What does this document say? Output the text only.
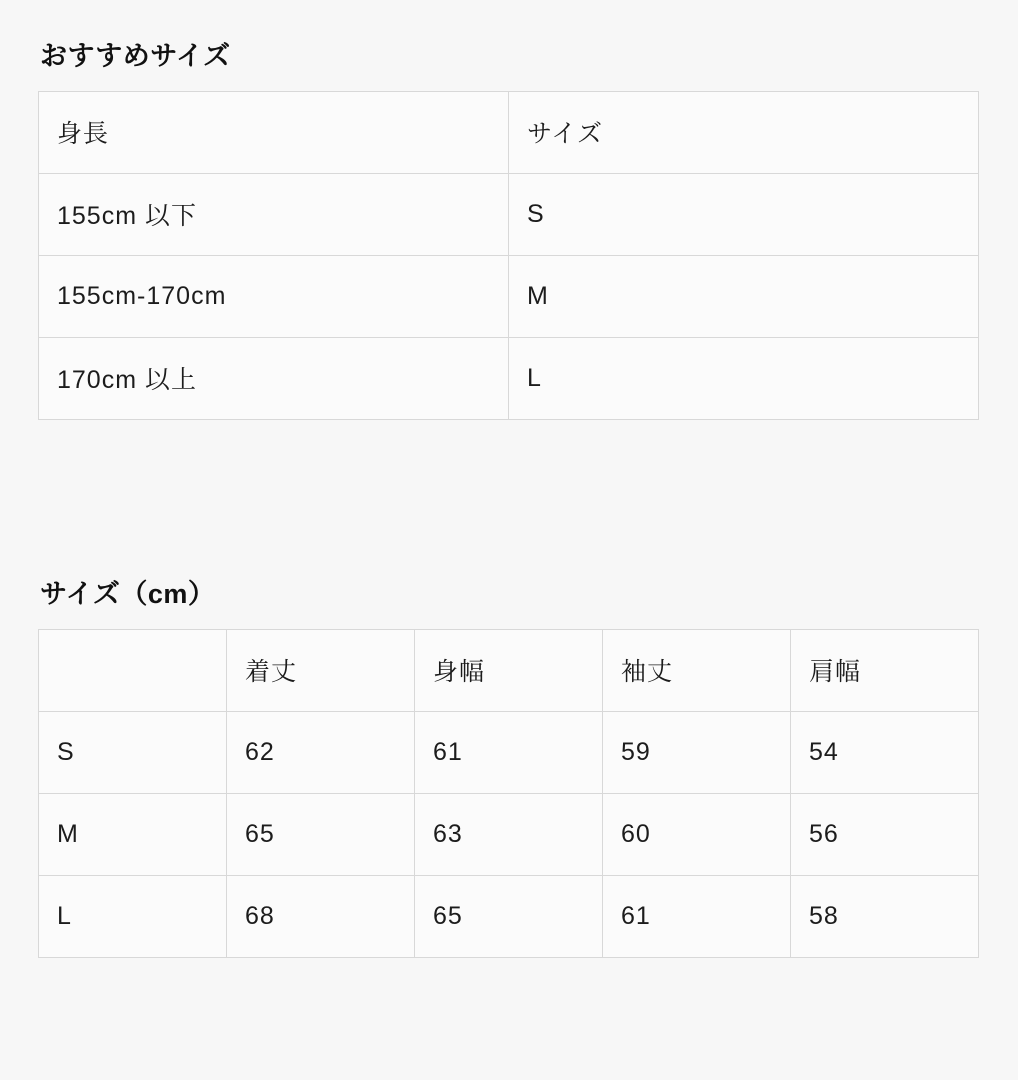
おすすめサイズ
身長	サイズ
155cm 以下	S
155cm-170cm	M
170cm 以上	L
サイズ（cm）
	着丈	身幅	袖丈	肩幅
S	62	61	59	54
M	65	63	60	56
L	68	65	61	58
